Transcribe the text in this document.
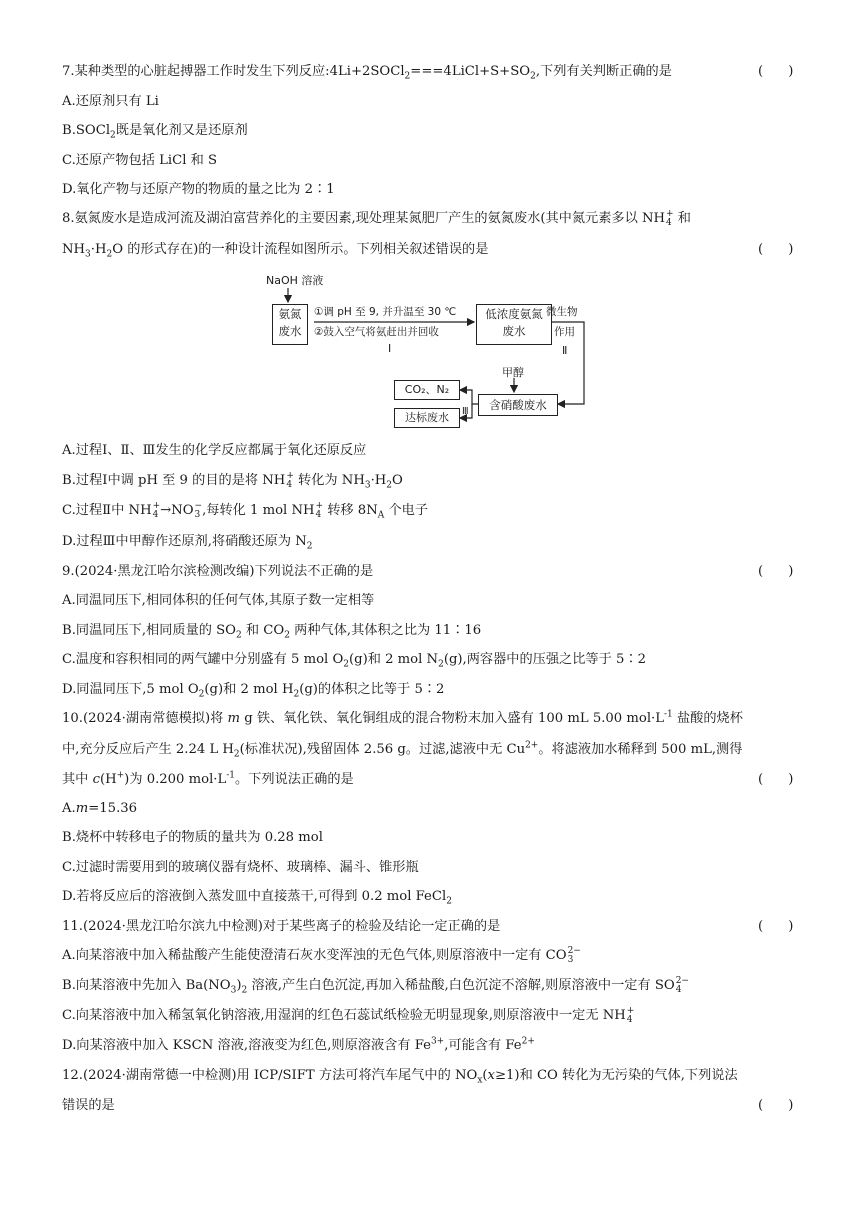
7.某种类型的心脏起搏器工作时发生下列反应$:4Li+2SOCl_2===4LiCl+S+SO_2$,下列有关判断正确的是	(      )
A.还原剂只有 Li
B.SOCl$_2$既是氧化剂又是还原剂
C.还原产物包括 LiCl 和 S
D.氧化产物与还原产物的物质的量之比为 2∶1
8.氨氮废水是造成河流及湖泊富营养化的主要因素,现处理某氮肥厂产生的氨氮废水(其中氮元素多以 NH +
4 和
$NH_3\cdot H_2O$ 的形式存在)的一种设计流程如图所示。下列相关叙述错误的是	(      )
NaOH 溶液
氨氮废水
①调 pH 至 9, 并升温至 30 ℃
②鼓入空气将氨赶出并回收
Ⅰ
低浓度氨氮废水
微生物
作用
Ⅱ
甲醇
含硝酸废水
CO₂、N₂
达标废水	Ⅲ
A.过程Ⅰ、Ⅱ、Ⅲ发生的化学反应都属于氧化还原反应
B.过程Ⅰ中调 pH 至 9 的目的是将 NH +
4 转化为 $NH_3\cdot H_2O$
C.过程Ⅱ中 NH +
4 →NO −
3 ,每转化 1 mol NH +
4 转移 $8N_A$ 个电子
D.过程Ⅲ中甲醇作还原剂,将硝酸还原为 $N_2$
9.(2024·黑龙江哈尔滨检测改编)下列说法不正确的是	(      )
A.同温同压下,相同体积的任何气体,其原子数一定相等
B.同温同压下,相同质量的 $SO_2$ 和 $CO_2$ 两种气体,其体积之比为 11∶16
C.温度和容积相同的两气罐中分别盛有 5 mol $O_2(g)$和 2 mol $N_2(g)$,两容器中的压强之比等于 5∶2
D.同温同压下,5 mol $O_2(g)$和 2 mol $H_2(g)$的体积之比等于 5∶2
10.(2024·湖南常德模拟)将 m g 铁、氧化铁、氧化铜组成的混合物粉末加入盛有 100 mL 5.00 $mol\cdot L^{-1}$ 盐酸的烧杯
中,充分反应后产生 2.24 L $H_2$(标准状况),残留固体 2.56 g。过滤,滤液中无 $Cu^{2+}$。将滤液加水稀释到 500 mL,测得
其中 c(H+)为 0.200 $mol\cdot L^{-1}$。下列说法正确的是	(      )
A.m=15.36
B.烧杯中转移电子的物质的量共为 0.28 mol
C.过滤时需要用到的玻璃仪器有烧杯、玻璃棒、漏斗、锥形瓶
D.若将反应后的溶液倒入蒸发皿中直接蒸干,可得到 0.2 mol FeCl$_2$
11.(2024·黑龙江哈尔滨九中检测)对于某些离子的检验及结论一定正确的是	(      )
A.向某溶液中加入稀盐酸产生能使澄清石灰水变浑浊的无色气体,则原溶液中一定有 CO 2−
3
B.向某溶液中先加入 $Ba(NO_3)_2$ 溶液,产生白色沉淀,再加入稀盐酸,白色沉淀不溶解,则原溶液中一定有 SO 2−
4
C.向某溶液中加入稀氢氧化钠溶液,用湿润的红色石蕊试纸检验无明显现象,则原溶液中一定无 NH +
4
D.向某溶液中加入 KSCN 溶液,溶液变为红色,则原溶液含有 $Fe^{3+}$,可能含有 $Fe^{2+}$
12.(2024·湖南常德一中检测)用 ICP/SIFT 方法可将汽车尾气中的 $NO_x(x\ge 1)$和 CO 转化为无污染的气体,下列说法
错误的是	(      )
